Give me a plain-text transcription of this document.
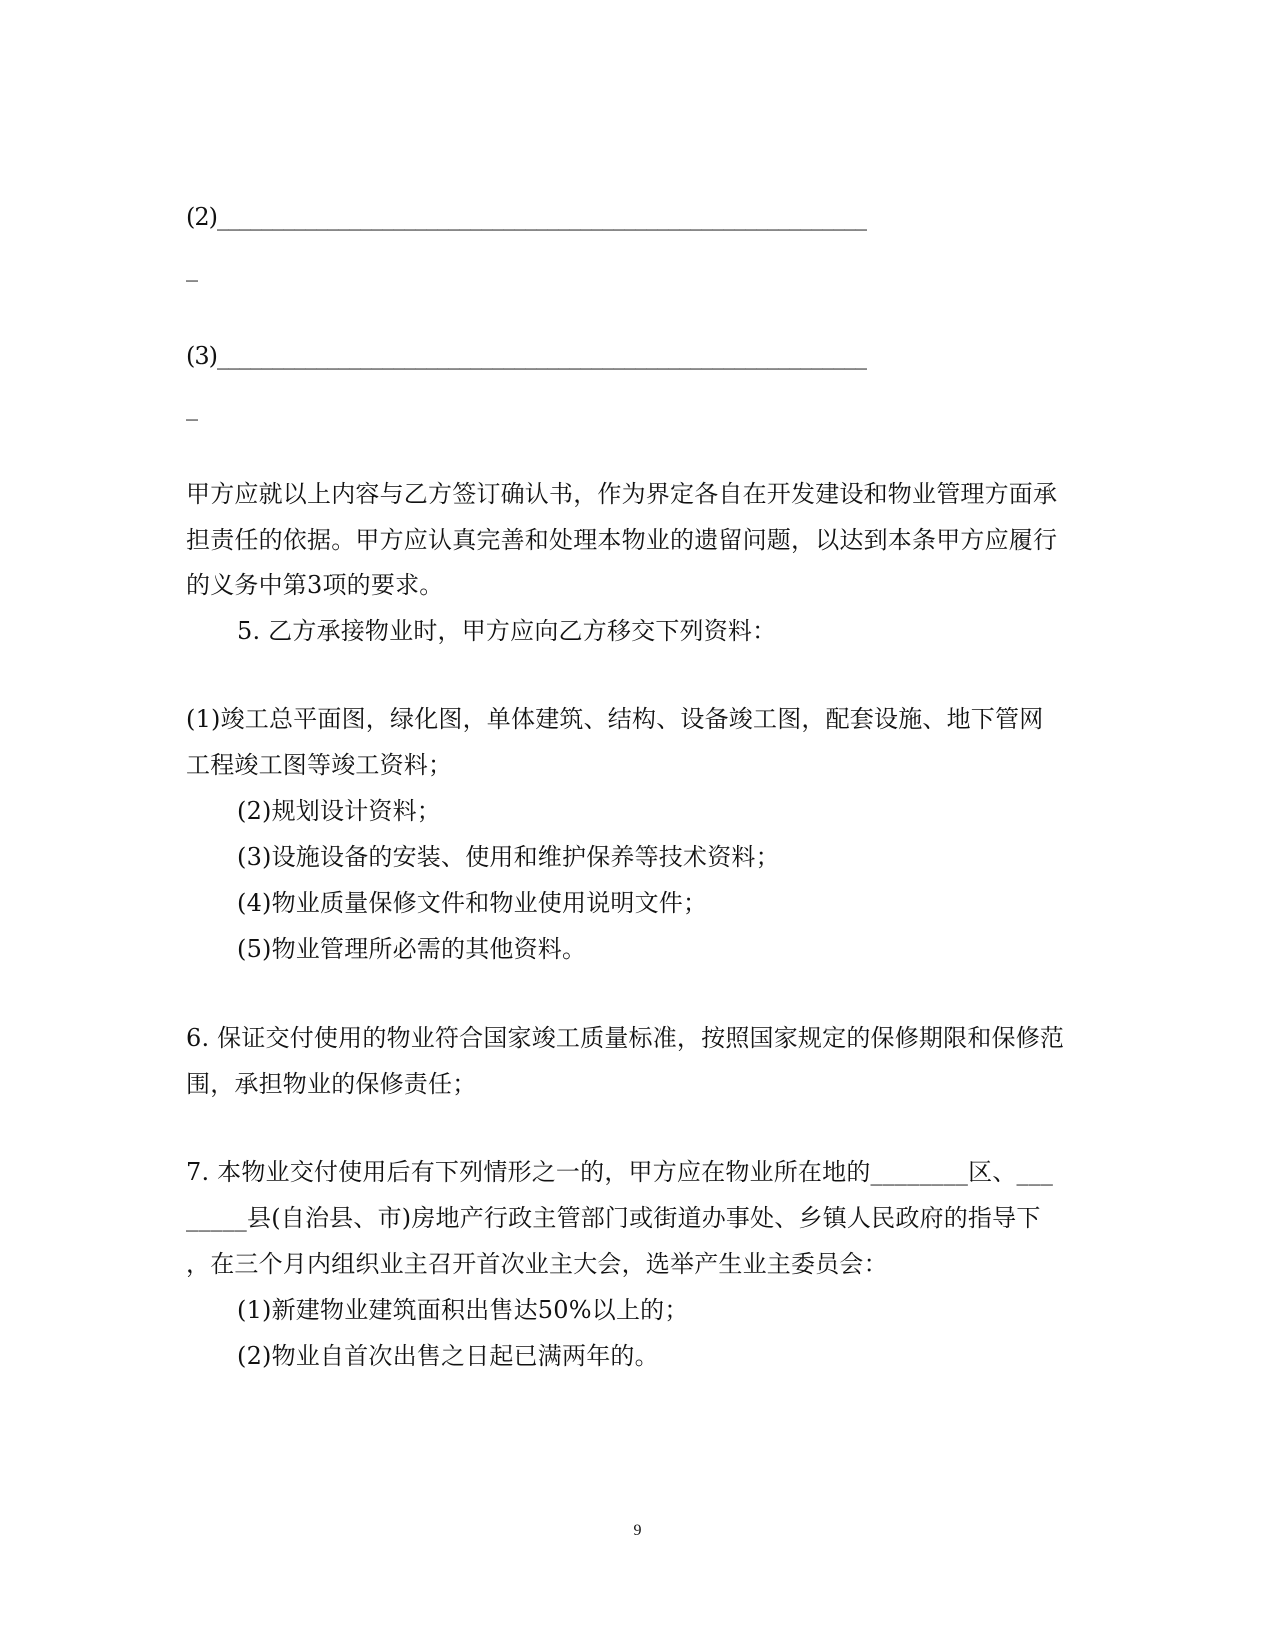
(2)___________________________________________________________
_
(3)___________________________________________________________
_
甲方应就以上内容与乙方签订确认书，作为界定各自在开发建设和物业管理方面承
担责任的依据。甲方应认真完善和处理本物业的遗留问题，以达到本条甲方应履行
的义务中第3项的要求。
5. 乙方承接物业时，甲方应向乙方移交下列资料：
(1)竣工总平面图，绿化图，单体建筑、结构、设备竣工图，配套设施、地下管网
工程竣工图等竣工资料；
(2)规划设计资料；
(3)设施设备的安装、使用和维护保养等技术资料；
(4)物业质量保修文件和物业使用说明文件；
(5)物业管理所必需的其他资料。
6. 保证交付使用的物业符合国家竣工质量标准，按照国家规定的保修期限和保修范
围，承担物业的保修责任；
7. 本物业交付使用后有下列情形之一的，甲方应在物业所在地的________区、___
_____县(自治县、市)房地产行政主管部门或街道办事处、乡镇人民政府的指导下
，在三个月内组织业主召开首次业主大会，选举产生业主委员会：
(1)新建物业建筑面积出售达50%以上的；
(2)物业自首次出售之日起已满两年的。
9
